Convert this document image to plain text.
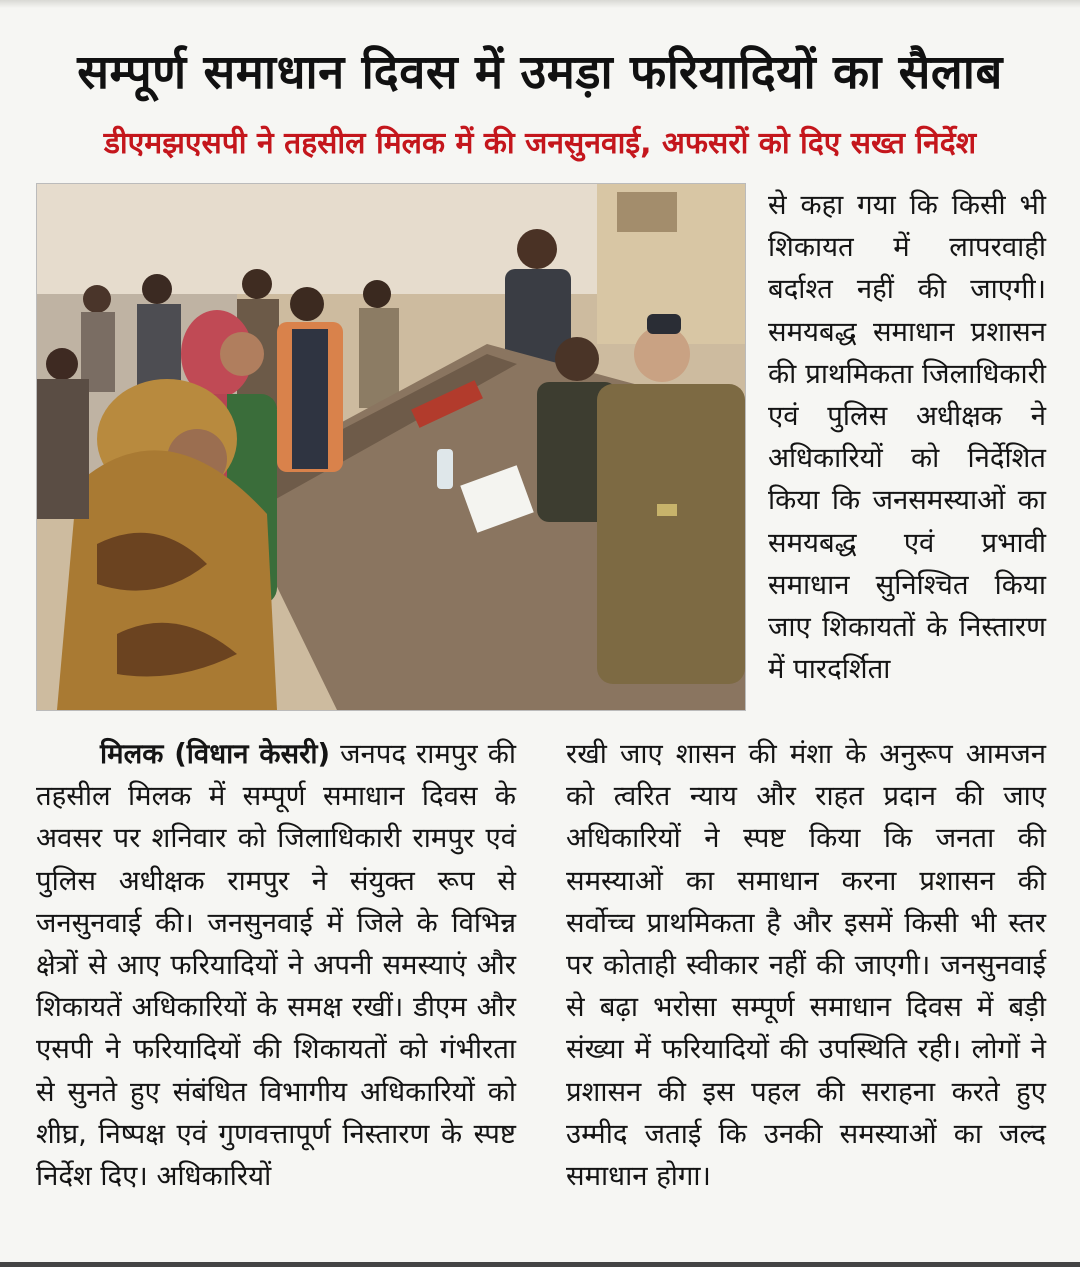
सम्पूर्ण समाधान दिवस में उमड़ा फरियादियों का सैलाब
डीएमझएसपी ने तहसील मिलक में की जनसुनवाई, अफसरों को दिए सख्त निर्देश
से कहा गया कि किसी भी शिकायत में लापरवाही बर्दाश्त नहीं की जाएगी। समयबद्ध समाधान प्रशासन की प्राथमिकता जिलाधिकारी एवं पुलिस अधीक्षक ने अधिकारियों को निर्देशित किया कि जनसमस्याओं का समयबद्ध एवं प्रभावी समाधान सुनिश्चित किया जाए शिकायतों के निस्तारण में पारदर्शिता
मिलक (विधान केसरी) जनपद रामपुर की तहसील मिलक में सम्पूर्ण समाधान दिवस के अवसर पर शनिवार को जिलाधिकारी रामपुर एवं पुलिस अधीक्षक रामपुर ने संयुक्त रूप से जनसुनवाई की। जनसुनवाई में जिले के विभिन्न क्षेत्रों से आए फरियादियों ने अपनी समस्याएं और शिकायतें अधिकारियों के समक्ष रखीं। डीएम और एसपी ने फरियादियों की शिकायतों को गंभीरता से सुनते हुए संबंधित विभागीय अधिकारियों को शीघ्र, निष्पक्ष एवं गुणवत्तापूर्ण निस्तारण के स्पष्ट निर्देश दिए। अधिकारियों
रखी जाए शासन की मंशा के अनुरूप आमजन को त्वरित न्याय और राहत प्रदान की जाए अधिकारियों ने स्पष्ट किया कि जनता की समस्याओं का समाधान करना प्रशासन की सर्वोच्च प्राथमिकता है और इसमें किसी भी स्तर पर कोताही स्वीकार नहीं की जाएगी। जनसुनवाई से बढ़ा भरोसा सम्पूर्ण समाधान दिवस में बड़ी संख्या में फरियादियों की उपस्थिति रही। लोगों ने प्रशासन की इस पहल की सराहना करते हुए उम्मीद जताई कि उनकी समस्याओं का जल्द समाधान होगा।
